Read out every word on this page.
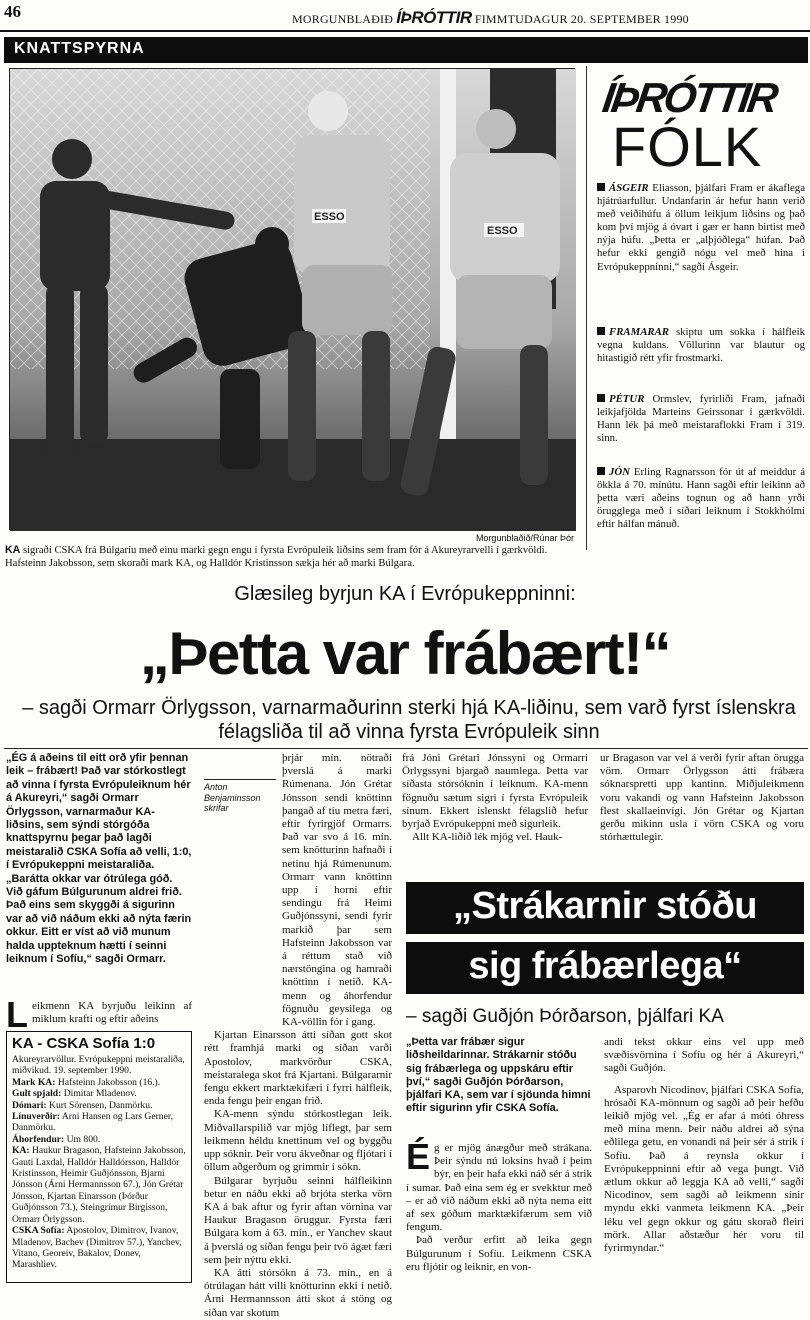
46	MORGUNBLAÐIÐ ÍÞRÓTTIR FIMMTUDAGUR 20. SEPTEMBER 1990
KNATTSPYRNA
ESSO
ESSO
Morgunblaðið/Rúnar Þór
KA sigraði CSKA frá Búlgaríu með einu marki gegn engu í fyrsta Evrópuleik liðsins sem fram fór á Akureyrarvelli í gærkvöldi. Hafsteinn Jakobsson, sem skoraði mark KA, og Halldór Kristinsson sækja hér að marki Búlgara.
ÍÞRÓTTIR
FÓLK
ÁSGEIR Eliasson, þjálfari Fram er ákaflega hjátrúarfullur. Undanfarin ár hefur hann verið með veiðihúfu á öllum leikjum liðsins og það kom því mjög á óvart í gær er hann birtist með nýja húfu. „Þetta er „alþjóðlega“ húfan. Það hefur ekki gengið nógu vel með hina í Evrópukeppninni,“ sagði Ásgeir.
FRAMARAR skiptu um sokka í hálfleik vegna kuldans. Völlurinn var blautur og hitastigið rétt yfir frostmarki.
PÉTUR Ormslev, fyrirliði Fram, jafnaði leikjafjölda Marteins Geirssonar í gærkvöldi. Hann lék þá með meistaraflokki Fram í 319. sinn.
JÓN Erling Ragnarsson fór út af meiddur á ökkla á 70. mínútu. Hann sagði eftir leikinn að þetta væri aðeins tognun og að hann yrði örugglega með í síðari leiknum í Stokkhólmi eftir hálfan mánuð.
Glæsileg byrjun KA í Evrópukeppninni:
„Þetta var frábært!“
– sagði Ormarr Örlygsson, varnarmaðurinn sterki hjá KA-liðinu, sem varð fyrst íslenskra félagsliða til að vinna fyrsta Evrópuleik sinn
„ÉG á aðeins til eitt orð yfir þennan leik – frábært! Það var stórkostlegt að vinna í fyrsta Evrópuleiknum hér á Akureyri,“ sagði Ormarr Örlygsson, varnarmaður KA-liðsins, sem sýndi stórgóða knattspyrnu þegar það lagði meistaralið CSKA Sofía að velli, 1:0, í Evrópukeppni meistaraliða. „Barátta okkar var ótrúlega góð. Við gáfum Búlgurunum aldrei frið. Það eins sem skyggði á sigurinn var að við náðum ekki að nýta færin okkur. Eitt er víst að við munum halda uppteknum hætti í seinni leiknum í Sofíu,“ sagði Ormarr.
Leikmenn KA byrjuðu leikinn af miklum krafti og eftir aðeins
KA - CSKA Sofía 1:0
Akureyrarvöllur. Evrópukeppni meistaraliða, miðvikud. 19. september 1990.
Mark KA: Hafsteinn Jakobsson (16.).
Gult spjald: Dimitar Mladenov.
Dómari: Kurt Sörensen, Danmörku.
Línuverðir: Arni Hansen og Lars Gerner, Danmörku.
Áhorfendur: Um 800.
KA: Haukur Bragason, Hafsteinn Jakobsson, Gauti Laxdal, Halldór Halldórsson, Halldór Kristinsson, Heimir Guðjónsson, Bjarni Jónsson (Árni Hermannsson 67.), Jón Grétar Jónsson, Kjartan Einarsson (Þórður Guðjónsson 73.), Steingrímur Birgisson, Ormarr Örlygsson.
CSKA Sofía: Apostolov, Dimitrov, Ivanov, Mladenov, Bachev (Dimitrov 57.), Yanchev, Vitano, Georeiv, Bakalov, Donev, Marashliev.

þrjár mín. nötraði þverslá á marki Rúmenana. Jón Grétar Jónsson sendi knöttinn þangað af tíu metra færi, eftir fyrirgjöf Ormarrs. Það var svo á 16. mín. sem knötturinn hafnaði í netinu hjá Rúmenunum. Ormarr vann knöttinn upp í horni eftir sendingu frá Heimi Guðjónssyni, sendi fyrir markið þar sem Hafsteinn Jakobsson var á réttum stað við nærstöngina og hamraði knöttinn í netið. KA-menn og áhorfendur fögnuðu geysilega og KA-völlin fór í gang.

Kjartan Einarsson átti síðan gott skot rétt framhjá marki og síðan varði Apostolov, markvörður CSKA, meistaralega skot frá Kjartani. Búlgararnir fengu ekkert marktækifæri í fyrri hálfleik, enda fengu þeir engan frið.

KA-menn sýndu stórkostlegan leik. Miðvallarspilið var mjög líflegt, þar sem leikmenn héldu knettinum vel og byggðu upp sóknir. Þeir voru ákveðnar og fljótari í öllum aðgerðum og grimmir í sókn.

Búlgarar byrjuðu seinni hálfleikinn betur en náðu ekki að brjóta sterka vörn KA á bak aftur og fyrir aftan vörnina var Haukur Bragason öruggur. Fyrsta færi Búlgara kom á 63. mín., er Yanchev skaut á þverslá og síðan fengu þeir tvö ágæt færi sem þeir nýttu ekki.

KA átti stórsókn á 73. mín., en á ótrúlagan hátt villi knötturinn ekki í netið. Árni Hermannsson átti skot á stöng og síðan var skotum

Anton Benjaminsson
skrifar

frá Jóni Grétari Jónssyni og Ormarri Örlygssyni bjargað naumlega. Þetta var síðasta stórsóknin í leiknum. KA-menn fögnuðu sætum sigri í fyrsta Evrópuleik sínum. Ekkert íslenskt félagslið hefur byrjað Evrópukeppni með sigurleik.

Allt KA-liðið lék mjög vel. Hauk-

ur Bragason var vel á verði fyrir aftan örugga vörn. Ormarr Örlygsson átti frábæra sóknarspretti upp kantinn. Miðjuleikmenn voru vakandi og vann Hafsteinn Jakobsson flest skallaeinvígi. Jón Grétar og Kjartan gerðu mikinn usla í vörn CSKA og voru stórhættulegir.

„Strákarnir stóðu
sig frábærlega“
– sagði Guðjón Þórðarson, þjálfari KA
„Þetta var frábær sigur liðsheildarinnar. Strákarnir stóðu sig frábærlega og uppskáru eftir því,“ sagði Guðjón Þórðarson, þjálfari KA, sem var í sjöunda himni eftir sigurinn yfir CSKA Sofía.

Ég er mjög ánægður með strákana. Þeir sýndu nú loksins hvað í þeim býr, en þeir hafa ekki náð sér á strik í sumar. Það eina sem ég er svekktur með – er að við náðum ekki að nýta nema eitt af sex góðum marktækifærum sem við fengum.

Það verður erfitt að leika gegn Búlgurunum í Sofíu. Leikmenn CSKA eru fljótir og leiknir, en von-

andi tekst okkur eins vel upp með svæðisvörnina í Sofíu og hér á Akureyri,“ sagði Guðjón.

Asparovh Nicodinov, þjálfari CSKA Sofía, hrósaði KA-mönnum og sagði að þeir hefðu leikið mjög vel. „Ég er afar á móti óhress með mína menn. Þeir náðu aldrei að sýna eðlilega getu, en vonandi ná þeir sér á strik í Sofíu. Það á reynsla okkur í Evrópukeppninni eftir að vega þungt. Við ætlum okkur að leggja KA að velli,“ sagði Nicodinov, sem sagði að leikmenn sínir myndu ekki vanmeta leikmenn KA. „Þeir léku vel gegn okkur og gátu skorað fleiri mörk. Allar aðstæður hér voru til fyrirmyndar.“
